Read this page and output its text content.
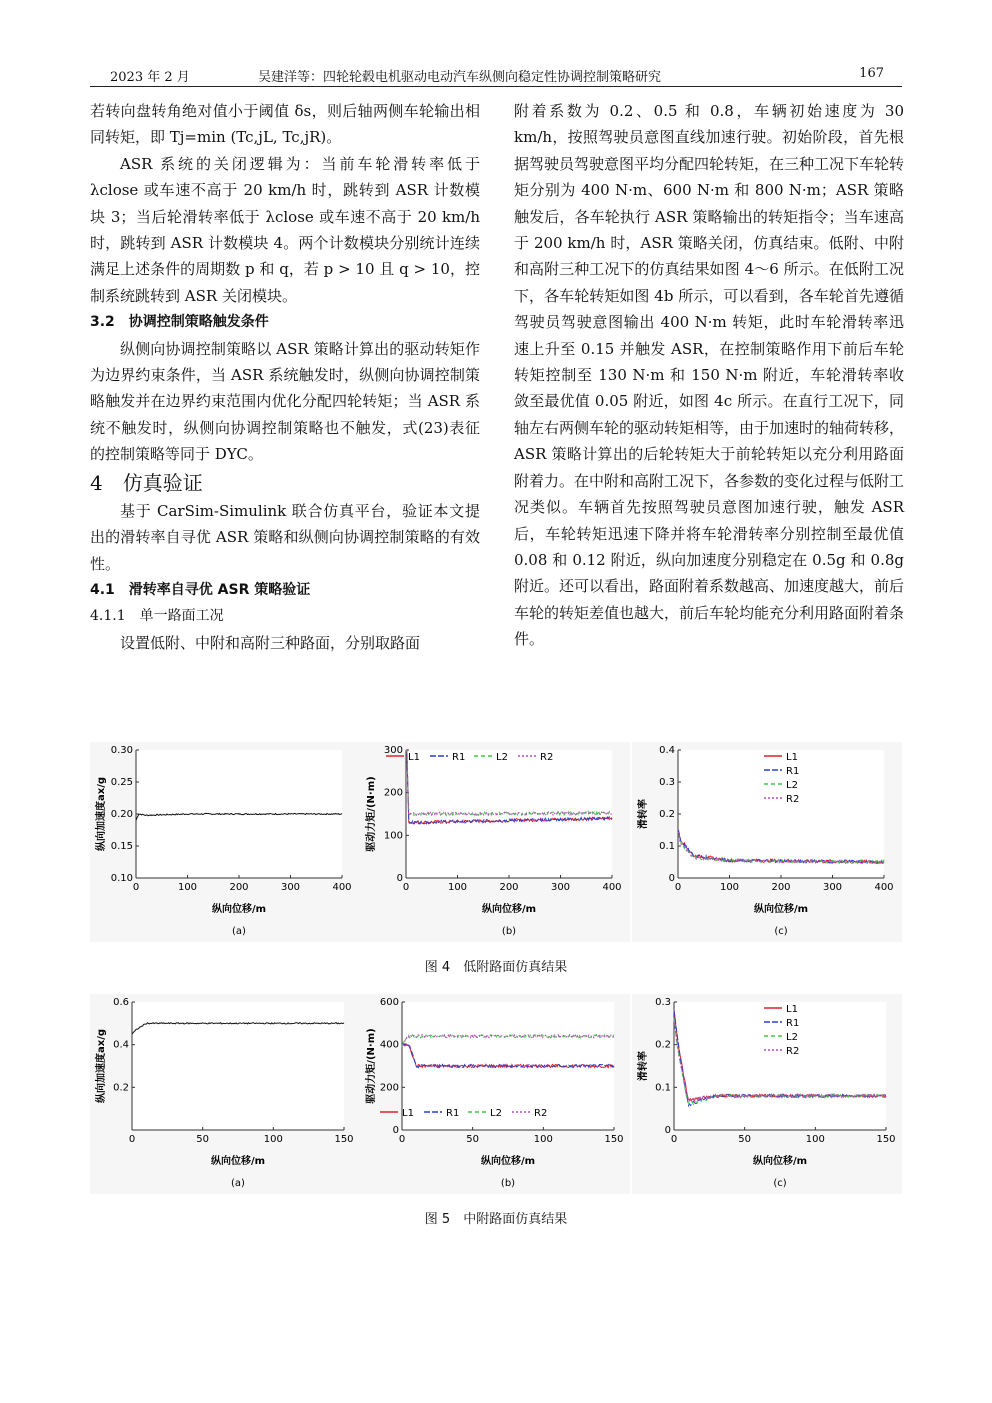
2023 年 2 月	吴建洋等：四轮轮毂电机驱动电动汽车纵侧向稳定性协调控制策略研究	167

若转向盘转角绝对值小于阈值 δs，则后轴两侧车轮输出相同转矩，即 Tj=min (Tc,jL, Tc,jR)。

ASR 系统的关闭逻辑为：当前车轮滑转率低于 λclose 或车速不高于 20 km/h 时，跳转到 ASR 计数模块 3；当后轮滑转率低于 λclose 或车速不高于 20 km/h 时，跳转到 ASR 计数模块 4。两个计数模块分别统计连续满足上述条件的周期数 p 和 q，若 p > 10 且 q > 10，控制系统跳转到 ASR 关闭模块。

3.2　协调控制策略触发条件

纵侧向协调控制策略以 ASR 策略计算出的驱动转矩作为边界约束条件，当 ASR 系统触发时，纵侧向协调控制策略触发并在边界约束范围内优化分配四轮转矩；当 ASR 系统不触发时，纵侧向协调控制策略也不触发，式(23)表征的控制策略等同于 DYC。

4　仿真验证

基于 CarSim-Simulink 联合仿真平台，验证本文提出的滑转率自寻优 ASR 策略和纵侧向协调控制策略的有效性。

4.1　滑转率自寻优 ASR 策略验证

4.1.1　单一路面工况

设置低附、中附和高附三种路面，分别取路面

附着系数为 0.2、0.5 和 0.8，车辆初始速度为 30 km/h，按照驾驶员意图直线加速行驶。初始阶段，首先根据驾驶员驾驶意图平均分配四轮转矩，在三种工况下车轮转矩分别为 400 N·m、600 N·m 和 800 N·m；ASR 策略触发后，各车轮执行 ASR 策略输出的转矩指令；当车速高于 200 km/h 时，ASR 策略关闭，仿真结束。低附、中附和高附三种工况下的仿真结果如图 4～6 所示。在低附工况下，各车轮转矩如图 4b 所示，可以看到，各车轮首先遵循驾驶员驾驶意图输出 400 N·m 转矩，此时车轮滑转率迅速上升至 0.15 并触发 ASR，在控制策略作用下前后车轮转矩控制至 130 N·m 和 150 N·m 附近，车轮滑转率收敛至最优值 0.05 附近，如图 4c 所示。在直行工况下，同轴左右两侧车轮的驱动转矩相等，由于加速时的轴荷转移，ASR 策略计算出的后轮转矩大于前轮转矩以充分利用路面附着力。在中附和高附工况下，各参数的变化过程与低附工况类似。车辆首先按照驾驶员意图加速行驶，触发 ASR 后，车轮转矩迅速下降并将车轮滑转率分别控制至最优值 0.08 和 0.12 附近，纵向加速度分别稳定在 0.5g 和 0.8g 附近。还可以看出，路面附着系数越高、加速度越大，前后车轮的转矩差值也越大，前后车轮均能充分利用路面附着条件。

0	100	200	300	400
0.10
0.15
0.20
0.25
0.30
纵向位移/m
纵向加速度ax/g
(a)
0	100	200	300	400
0
100
200
300
纵向位移/m
驱动力矩/(N·m)
(b)
L1	R1	L2	R2
0	100	200	300	400
0
0.1
0.2
0.3
0.4
纵向位移/m
滑转率
(c)
L1
R1
L2
R2
图 4　低附路面仿真结果
0	50	100	150
0.2
0.4
0.6
纵向位移/m
纵向加速度ax/g
(a)
0	50	100	150
0
200
400
600
纵向位移/m
驱动力矩/(N·m)
(b)
L1	R1	L2	R2
0	50	100	150
0
0.1
0.2
0.3
纵向位移/m
滑转率
(c)
L1
R1
L2
R2
图 5　中附路面仿真结果
